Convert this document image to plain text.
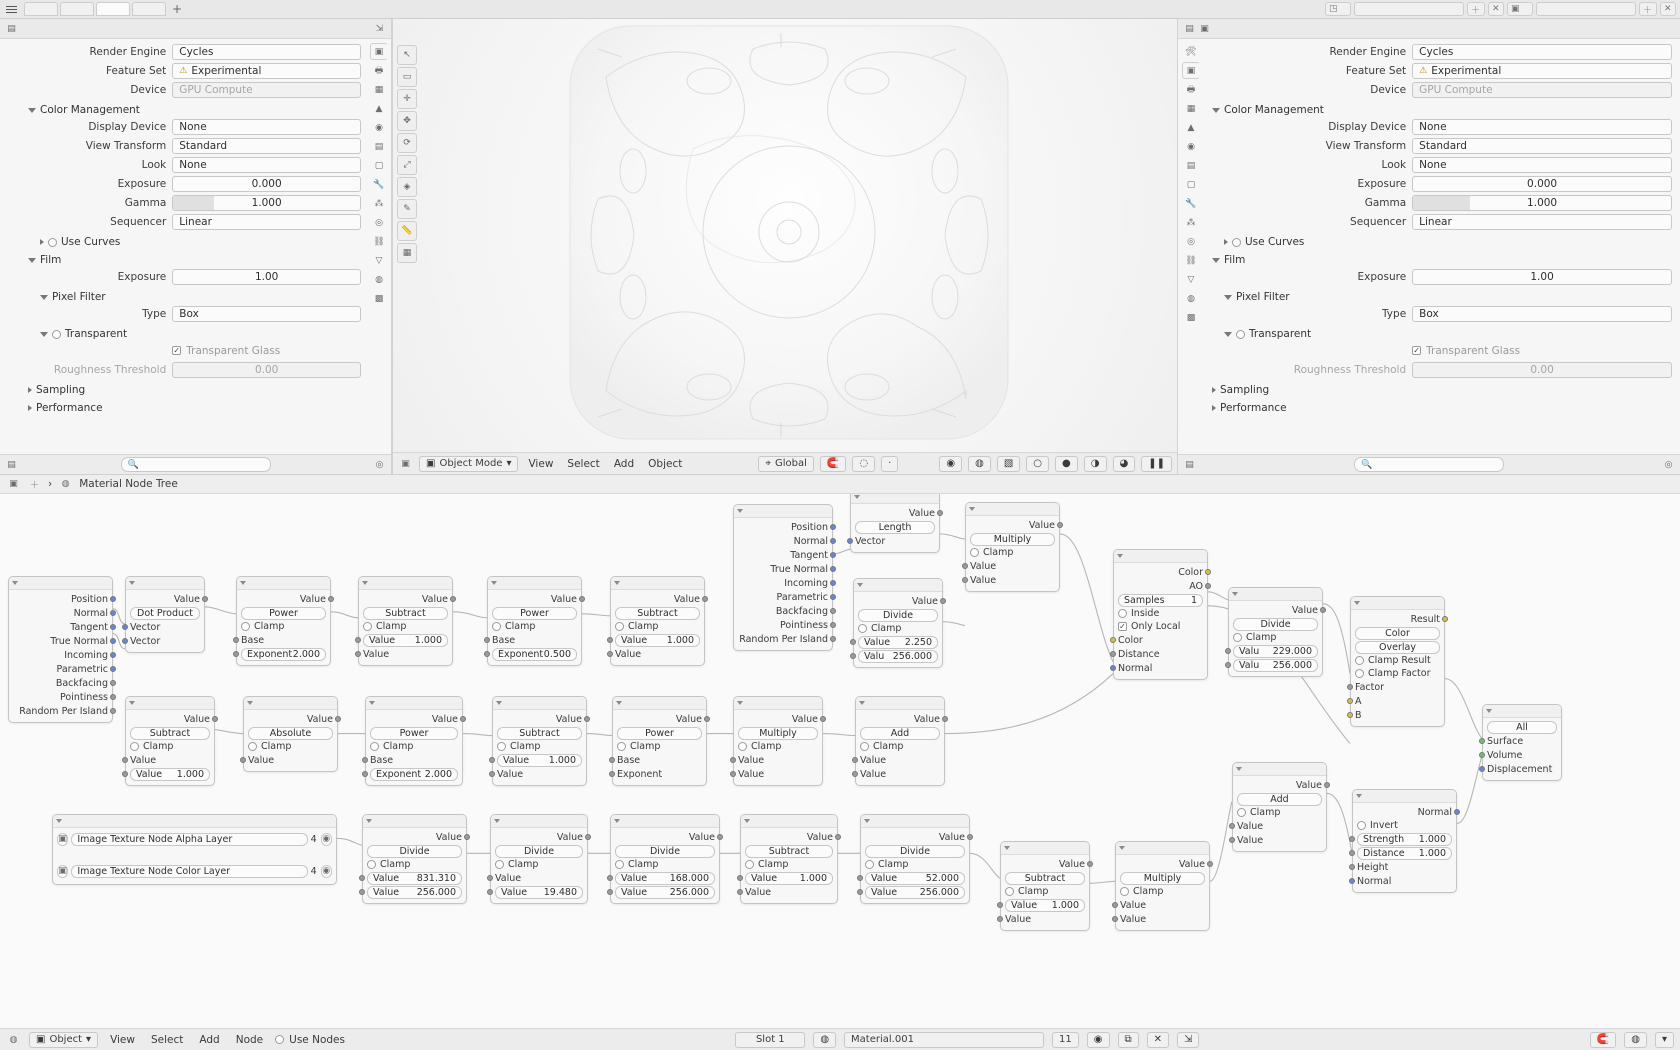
+	◳	＋	✕	▣	＋	✕
▤	⇲
▣
🖶
▦
▲
◉
▤
▢
🔧
⁂
◎
⛓
▽
◍
▩
Render Engine	Cycles
Feature Set	⚠ Experimental
Device	GPU Compute
Color Management
Display Device	None
View Transform	Standard
Look	None
Exposure	0.000
Gamma	1.000
Sequencer	Linear
Use Curves
Film
Exposure	1.00
Pixel Filter
Type	Box
Transparent
✓
Transparent Glass
Roughness Threshold	0.00
Sampling
Performance
▤	🔍	◎
↖
▭
✛
✥
⟳
⤢
◈
✎
📏
▦
▣	▣ Object Mode ▾	View	Select	Add	Object	⌖ Global	🧲	◌	·	◉	◍	▧	○	●	◑	◕	❚❚
▤ ▣
🛠
▣
🖶
▦
▲
◉
▤
▢
🔧
⁂
◎
⛓
▽
◍
▩
Render Engine	Cycles
Feature Set	⚠ Experimental
Device	GPU Compute
Color Management
Display Device	None
View Transform	Standard
Look	None
Exposure	0.000
Gamma	1.000
Sequencer	Linear
Use Curves
Film
Exposure	1.00
Pixel Filter
Type	Box
Transparent
✓
Transparent Glass
Roughness Threshold	0.00
Sampling
Performance
▤	🔍	◎
▣	＋ ›	◍ Material Node Tree
Position
Normal
Tangent
True Normal
Incoming
Parametric
Backfacing
Pointiness
Random Per Island
Value
Dot Product
Vector
Vector
Value
Power
Clamp
Base
Exponent 2.000
Value
Subtract
Clamp
Value 1.000
Value
Value
Power
Clamp
Base
Exponent 0.500
Value
Subtract
Clamp
Value 1.000
Value
Position
Normal
Tangent
True Normal
Incoming
Parametric
Backfacing
Pointiness
Random Per Island
Value
Length
Vector
Value
Divide
Clamp
Value 2.250
Valu 256.000
Value
Multiply
Clamp
Value
Value
Color
AO
Samples	1
Inside
✓
Only Local
Color
Distance
Normal
Value
Divide
Clamp
Valu 229.000
Valu 256.000
Result
Color
Overlay
Clamp Result
Clamp Factor
Factor
A
B
All
Surface
Volume
Displacement
Value
Subtract
Clamp
Value
Value 1.000
Value
Absolute
Clamp
Value
Value
Power
Clamp
Base
Exponent 2.000
Value
Subtract
Clamp
Value 1.000
Value
Value
Power
Clamp
Base
Exponent
Value
Multiply
Clamp
Value
Value
Value
Add
Clamp
Value
Value
Value
Add
Clamp
Value
Value
Normal
Invert
Strength 1.000
Distance 1.000
Height
Normal
▣ Image Texture Node Alpha Layer	4 ◉
▣ Image Texture Node Color Layer	4 ◉
Value
Divide
Clamp
Value 831.310
Value 256.000
Value
Divide
Clamp
Value
Value 19.480
Value
Divide
Clamp
Value 168.000
Value 256.000
Value
Subtract
Clamp
Value 1.000
Value
Value
Divide
Clamp
Value	52.000
Value 256.000
Value
Subtract
Clamp
Value 1.000
Value
Value
Multiply
Clamp
Value
Value
◍	▣ Object ▾	View	Select	Add	Node	Use Nodes	Slot 1	◍	Material.001	11	◉	⧉	✕	⇲	🧲	◍	▾
